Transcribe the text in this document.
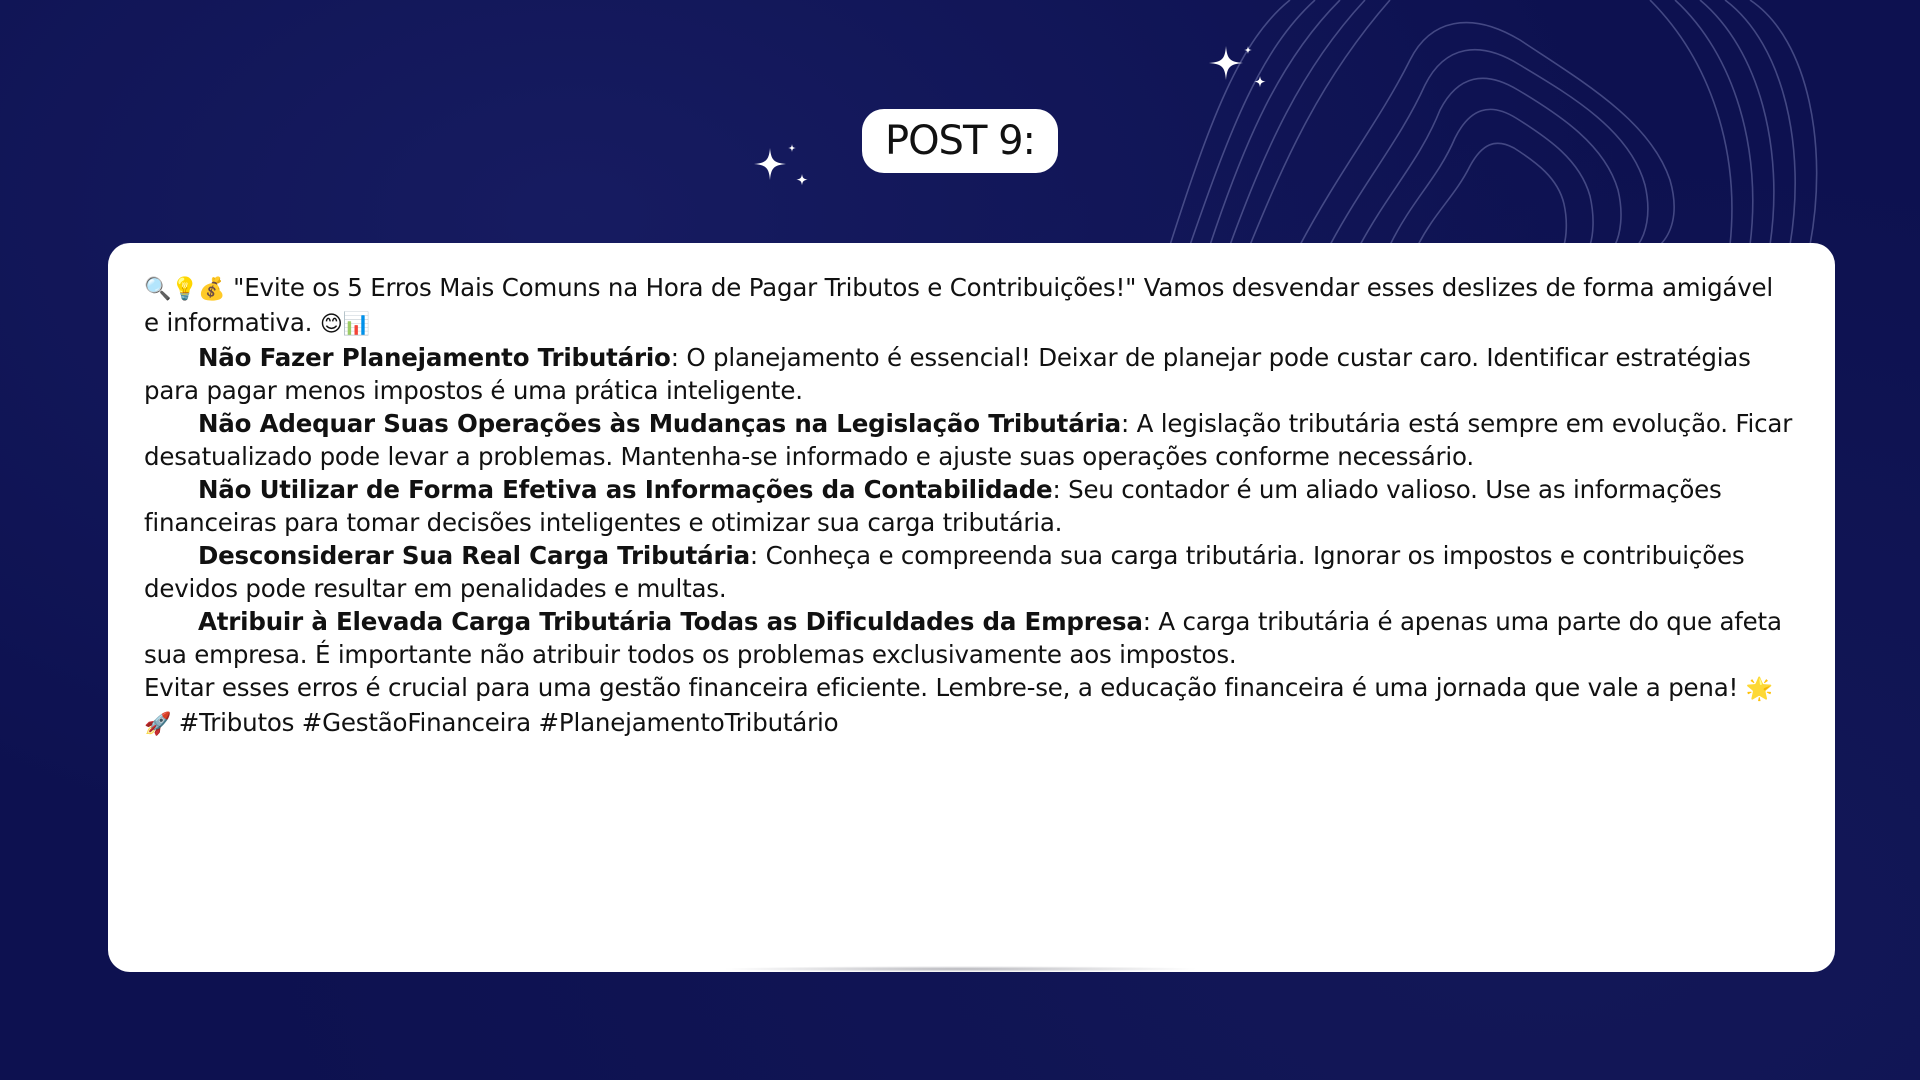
POST 9:

🔍💡💰 "Evite os 5 Erros Mais Comuns na Hora de Pagar Tributos e Contribuições!" Vamos desvendar esses deslizes de forma amigável e informativa. 😊📊

Não Fazer Planejamento Tributário: O planejamento é essencial! Deixar de planejar pode custar caro. Identificar estratégias para pagar menos impostos é uma prática inteligente.

Não Adequar Suas Operações às Mudanças na Legislação Tributária: A legislação tributária está sempre em evolução. Ficar desatualizado pode levar a problemas. Mantenha-se informado e ajuste suas operações conforme necessário.

Não Utilizar de Forma Efetiva as Informações da Contabilidade: Seu contador é um aliado valioso. Use as informações financeiras para tomar decisões inteligentes e otimizar sua carga tributária.

Desconsiderar Sua Real Carga Tributária: Conheça e compreenda sua carga tributária. Ignorar os impostos e contribuições devidos pode resultar em penalidades e multas.

Atribuir à Elevada Carga Tributária Todas as Dificuldades da Empresa: A carga tributária é apenas uma parte do que afeta sua empresa. É importante não atribuir todos os problemas exclusivamente aos impostos.

Evitar esses erros é crucial para uma gestão financeira eficiente. Lembre-se, a educação financeira é uma jornada que vale a pena! 🌟🚀 #Tributos #GestãoFinanceira #PlanejamentoTributário
